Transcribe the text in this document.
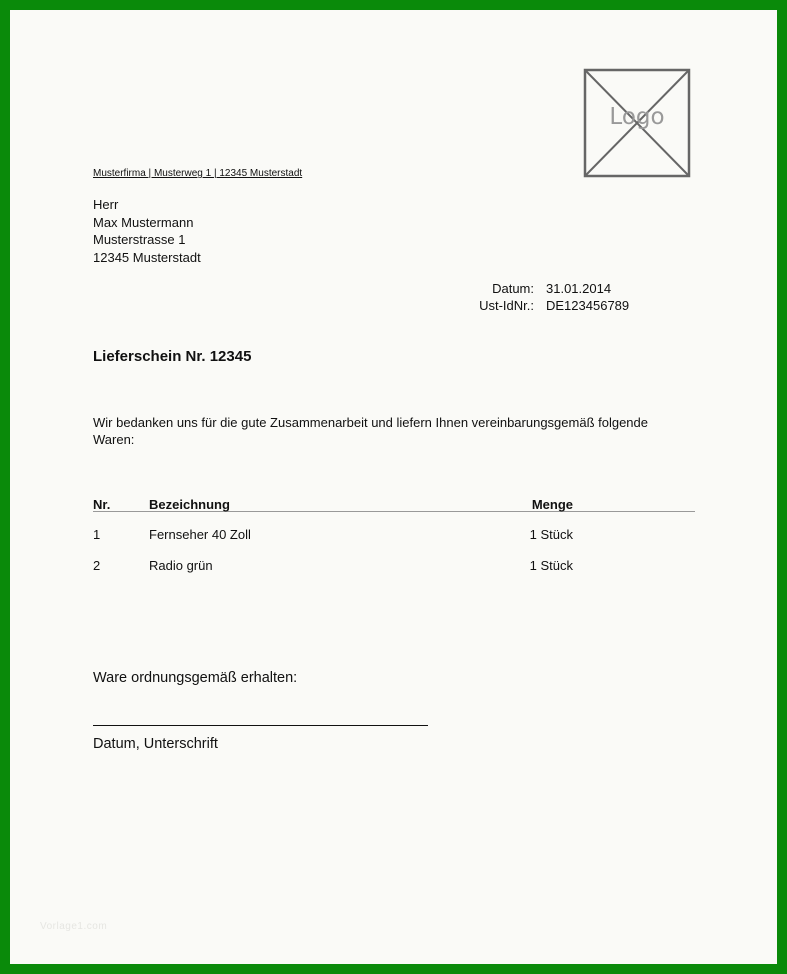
Logo
Musterfirma | Musterweg 1 | 12345 Musterstadt
Herr
Max Mustermann
Musterstrasse 1
12345 Musterstadt
Datum:	31.01.2014
Ust-IdNr.:	DE123456789
Lieferschein Nr. 12345
Wir bedanken uns für die gute Zusammenarbeit und liefern Ihnen vereinbarungsgemäß folgende Waren:
Nr.	Bezeichnung	Menge
1	Fernseher 40 Zoll	1 Stück
2	Radio grün	1 Stück
Ware ordnungsgemäß erhalten:
Datum, Unterschrift
Vorlage1.com
